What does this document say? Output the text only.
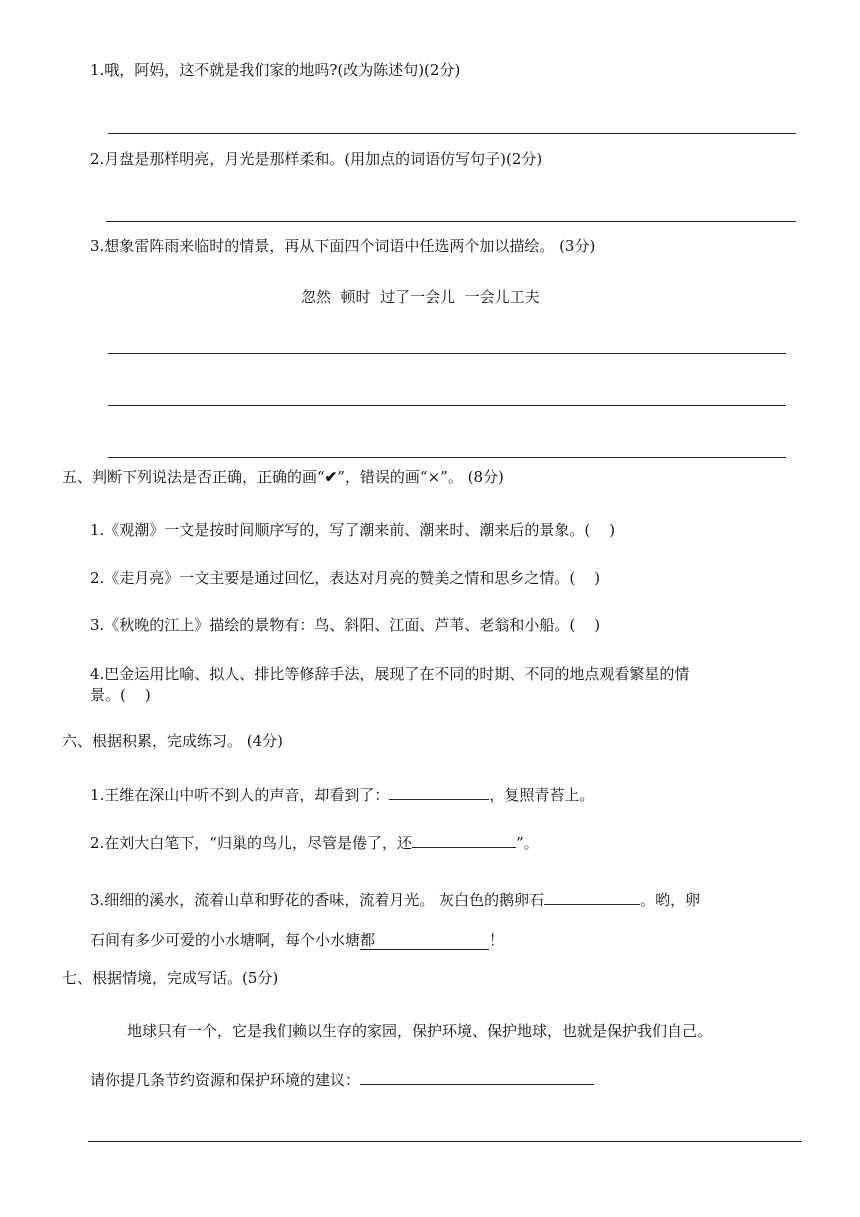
1.哦，阿妈，这不就是我们家的地吗?(改为陈述句)(2分)
2.月盘是那样明亮，月光是那样柔和。(用加点的词语仿写句子)(2分)
3.想象雷阵雨来临时的情景，再从下面四个词语中任选两个加以描绘。 (3分)
忽然  顿时  过了一会儿  一会儿工夫
五、判断下列说法是否正确，正确的画“✔”，错误的画“×”。 (8分)
1.《观潮》一文是按时间顺序写的，写了潮来前、潮来时、潮来后的景象。(    )
2.《走月亮》一文主要是通过回忆，表达对月亮的赞美之情和思乡之情。(    )
3.《秋晚的江上》描绘的景物有：鸟、斜阳、江面、芦苇、老翁和小船。(    )
4.巴金运用比喻、拟人、排比等修辞手法，展现了在不同的时期、不同的地点观看繁星的情
景。(    )
六、根据积累，完成练习。 (4分)
1.王维在深山中听不到人的声音，却看到了：	，复照青苔上。
2.在刘大白笔下，“归巢的鸟儿，尽管是倦了，还	”。
3.细细的溪水，流着山草和野花的香味，流着月光。 灰白色的鹅卵石	。哟，卵
石间有多少可爱的小水塘啊，每个小水塘都	！
七、根据情境，完成写话。(5分)
地球只有一个，它是我们赖以生存的家园，保护环境、保护地球，也就是保护我们自己。
请你提几条节约资源和保护环境的建议：
